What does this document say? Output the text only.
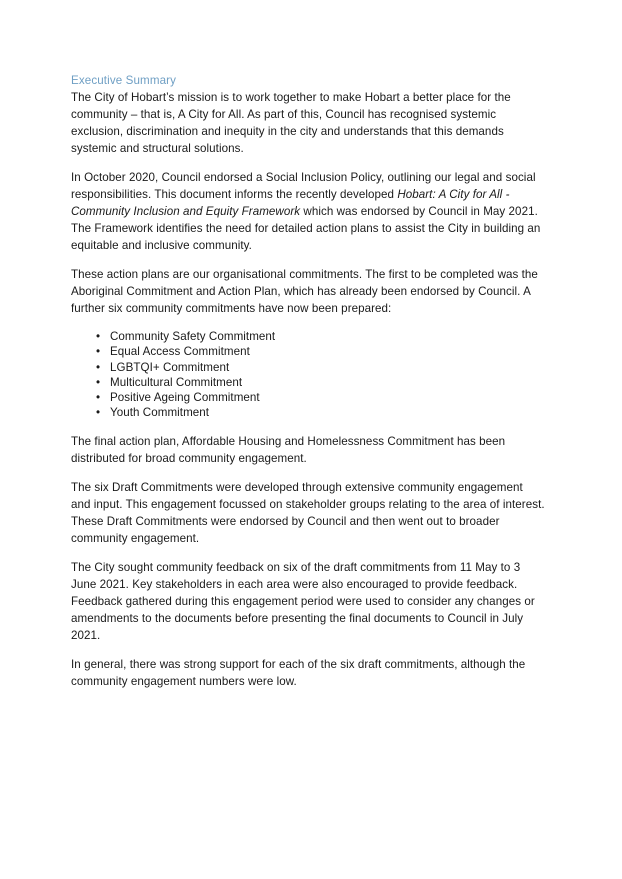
Executive Summary

The City of Hobart’s mission is to work together to make Hobart a better place for the community – that is, A City for All. As part of this, Council has recognised systemic exclusion, discrimination and inequity in the city and understands that this demands systemic and structural solutions.

In October 2020, Council endorsed a Social Inclusion Policy, outlining our legal and social responsibilities. This document informs the recently developed Hobart: A City for All - Community Inclusion and Equity Framework which was endorsed by Council in May 2021. The Framework identifies the need for detailed action plans to assist the City in building an equitable and inclusive community.

These action plans are our organisational commitments. The first to be completed was the Aboriginal Commitment and Action Plan, which has already been endorsed by Council. A further six community commitments have now been prepared:

• Community Safety Commitment
• Equal Access Commitment
• LGBTQI+ Commitment
• Multicultural Commitment
• Positive Ageing Commitment
• Youth Commitment

The final action plan, Affordable Housing and Homelessness Commitment has been distributed for broad community engagement.

The six Draft Commitments were developed through extensive community engagement and input. This engagement focussed on stakeholder groups relating to the area of interest. These Draft Commitments were endorsed by Council and then went out to broader community engagement.

The City sought community feedback on six of the draft commitments from 11 May to 3 June 2021. Key stakeholders in each area were also encouraged to provide feedback. Feedback gathered during this engagement period were used to consider any changes or amendments to the documents before presenting the final documents to Council in July 2021.

In general, there was strong support for each of the six draft commitments, although the community engagement numbers were low.
